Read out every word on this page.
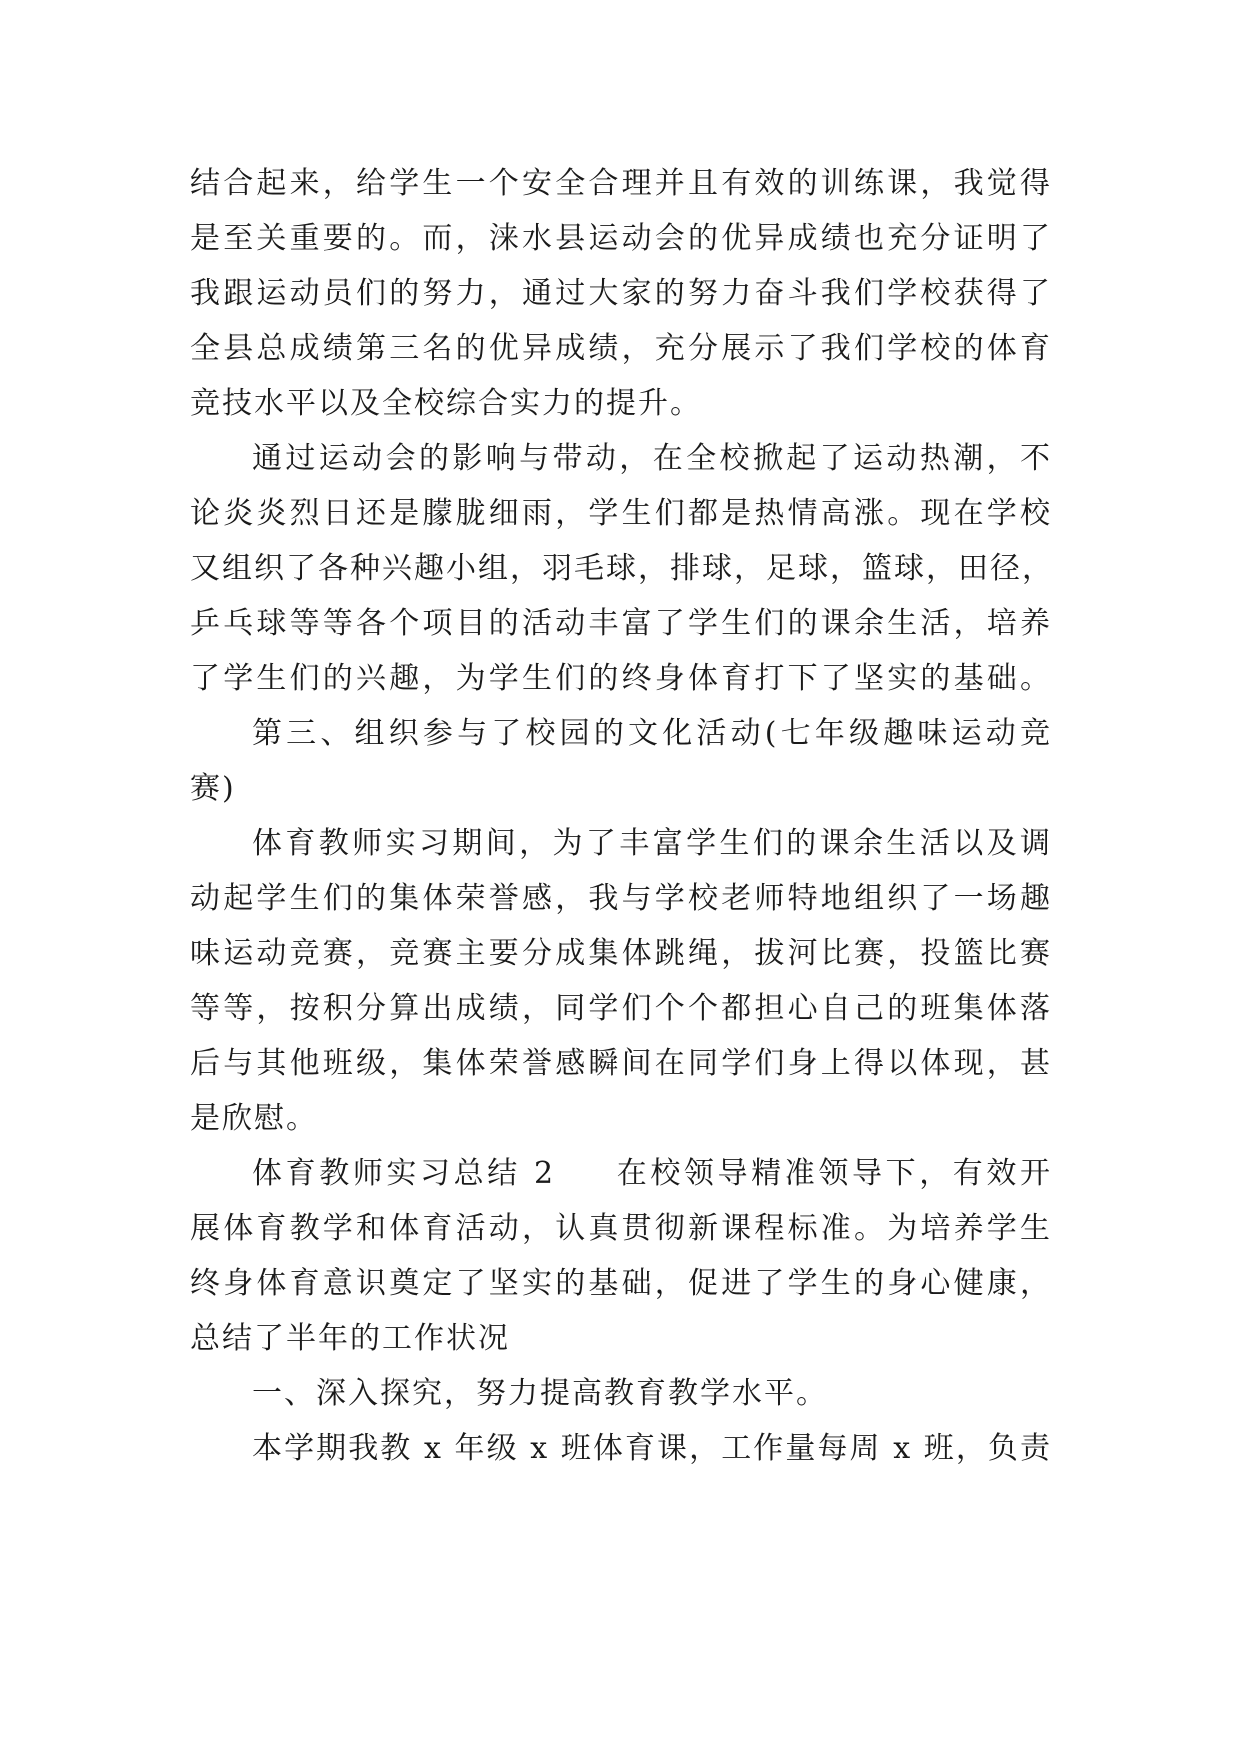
结合起来，给学生一个安全合理并且有效的训练课，我觉得
是至关重要的。而，涞水县运动会的优异成绩也充分证明了
我跟运动员们的努力，通过大家的努力奋斗我们学校获得了
全县总成绩第三名的优异成绩，充分展示了我们学校的体育
竞技水平以及全校综合实力的提升。
通过运动会的影响与带动，在全校掀起了运动热潮，不
论炎炎烈日还是朦胧细雨，学生们都是热情高涨。现在学校
又组织了各种兴趣小组，羽毛球，排球，足球，篮球，田径，
乒乓球等等各个项目的活动丰富了学生们的课余生活，培养
了学生们的兴趣，为学生们的终身体育打下了坚实的基础。
第三、组织参与了校园的文化活动(七年级趣味运动竞
赛)
体育教师实习期间，为了丰富学生们的课余生活以及调
动起学生们的集体荣誉感，我与学校老师特地组织了一场趣
味运动竞赛，竞赛主要分成集体跳绳，拔河比赛，投篮比赛
等等，按积分算出成绩，同学们个个都担心自己的班集体落
后与其他班级，集体荣誉感瞬间在同学们身上得以体现，甚
是欣慰。
体育教师实习总结 2 在校领导精准领导下，有效开
展体育教学和体育活动，认真贯彻新课程标准。为培养学生
终身体育意识奠定了坚实的基础，促进了学生的身心健康，
总结了半年的工作状况
一、深入探究，努力提高教育教学水平。
本学期我教 x 年级 x 班体育课，工作量每周 x 班，负责
